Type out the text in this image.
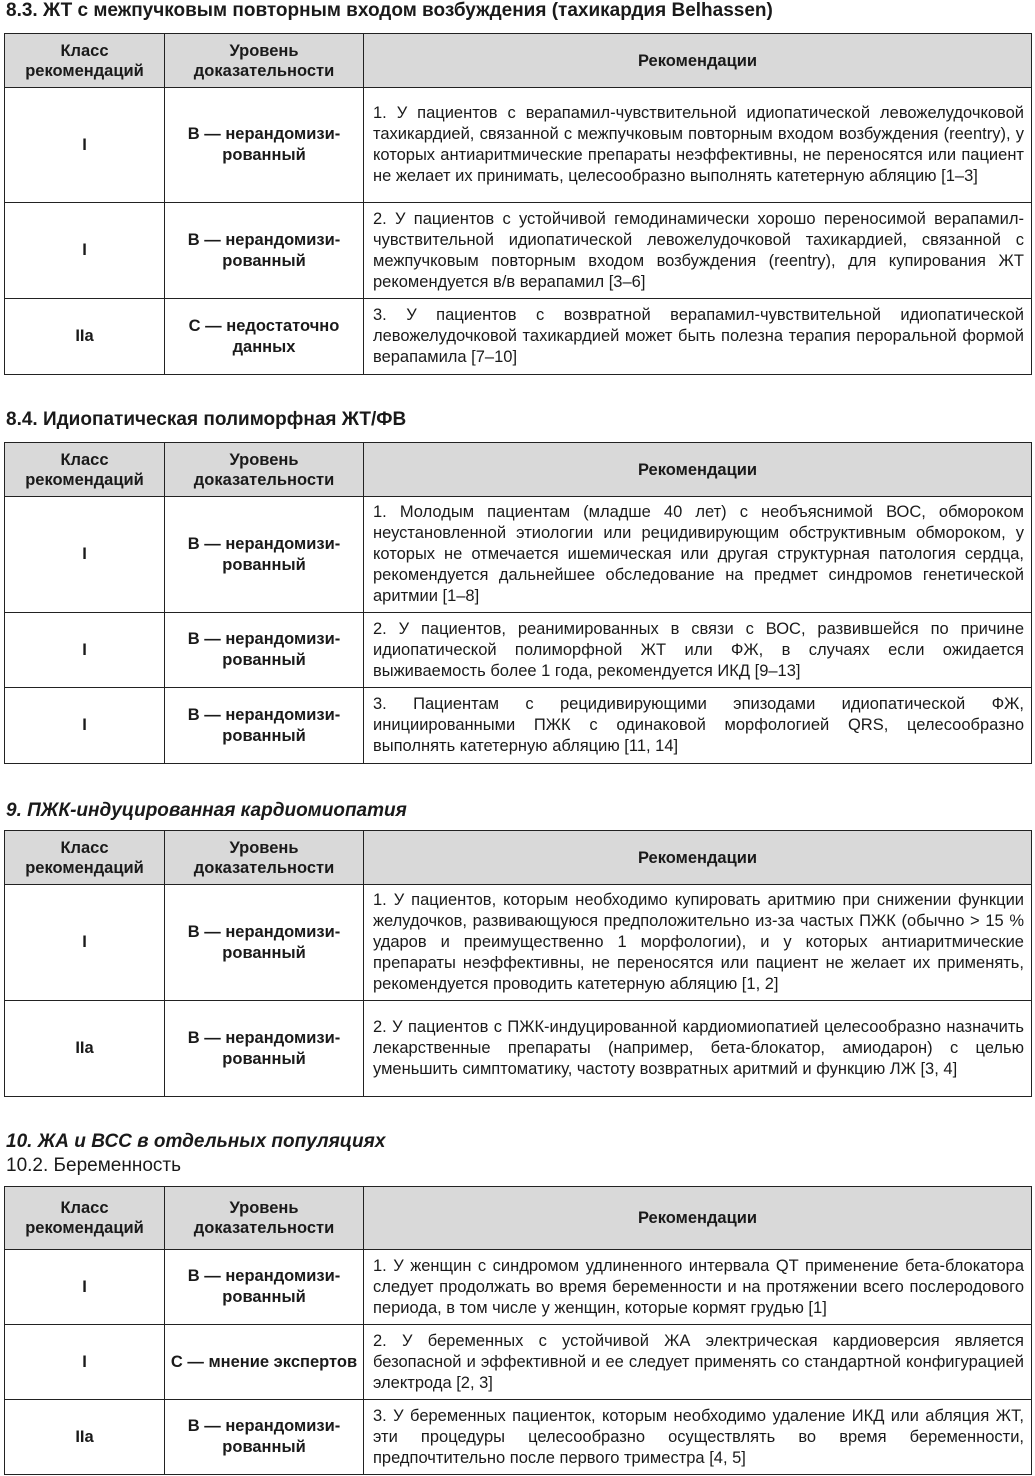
8.3. ЖТ с межпучковым повторным входом возбуждения (тахикардия Belhassen)
Класс рекомендаций	Уровень доказательности	Рекомендации
I	В — нерандомизи-рованный	1. У пациентов с верапамил-чувствительной идиопатической левожелудочковой тахикардией, связанной с межпучковым повторным входом возбуждения (reentry), у которых антиаритмические препараты неэффективны, не переносятся или пациент не желает их принимать, целесообразно выполнять катетерную абляцию [1–3]
I	В — нерандомизи-рованный	2. У пациентов с устойчивой гемодинамически хорошо переносимой верапамил-чувствительной идиопатической левожелудочковой тахикардией, связанной с межпучковым повторным входом возбуждения (reentry), для купирования ЖТ рекомендуется в/в верапамил [3–6]
IIa	С — недостаточно данных	3. У пациентов с возвратной верапамил-чувствительной идиопатической левожелудочковой тахикардией может быть полезна терапия пероральной формой верапамила [7–10]
8.4. Идиопатическая полиморфная ЖТ/ФВ
Класс рекомендаций	Уровень доказательности	Рекомендации
I	В — нерандомизи-рованный	1. Молодым пациентам (младше 40 лет) с необъяснимой ВОС, обмороком неустановленной этиологии или рецидивирующим обструктивным обмороком, у которых не отмечается ишемическая или другая структурная патология сердца, рекомендуется дальнейшее обследование на предмет синдромов генетической аритмии [1–8]
I	В — нерандомизи-рованный	2. У пациентов, реанимированных в связи с ВОС, развившейся по причине идиопатической полиморфной ЖТ или ФЖ, в случаях если ожидается выживаемость более 1 года, рекомендуется ИКД [9–13]
I	В — нерандомизи-рованный	3. Пациентам с рецидивирующими эпизодами идиопатической ФЖ, инициированными ПЖК с одинаковой морфологией QRS, целесообразно выполнять катетерную абляцию [11, 14]
9. ПЖК-индуцированная кардиомиопатия
Класс рекомендаций	Уровень доказательности	Рекомендации
I	В — нерандомизи-рованный	1. У пациентов, которым необходимо купировать аритмию при снижении функции желудочков, развивающуюся предположительно из-за частых ПЖК (обычно > 15 % ударов и преимущественно 1 морфологии), и у которых антиаритмические препараты неэффективны, не переносятся или пациент не желает их применять, рекомендуется проводить катетерную абляцию [1, 2]
IIa	В — нерандомизи-рованный	2. У пациентов с ПЖК-индуцированной кардиомиопатией целесообразно назначить лекарственные препараты (например, бета-блокатор, амиодарон) с целью уменьшить симптоматику, частоту возвратных аритмий и функцию ЛЖ [3, 4]
10. ЖА и ВСС в отдельных популяциях
10.2. Беременность
Класс рекомендаций	Уровень доказательности	Рекомендации
I	В — нерандомизи-рованный	1. У женщин с синдромом удлиненного интервала QT применение бета-блокатора следует продолжать во время беременности и на протяжении всего послеродового периода, в том числе у женщин, которые кормят грудью [1]
I	С — мнение экспертов	2. У беременных с устойчивой ЖА электрическая кардиоверсия является безопасной и эффективной и ее следует применять со стандартной конфигурацией электрода [2, 3]
IIa	В — нерандомизи-рованный	3. У беременных пациенток, которым необходимо удаление ИКД или абляция ЖТ, эти процедуры целесообразно осуществлять во время беременности, предпочтительно после первого триместра [4, 5]
